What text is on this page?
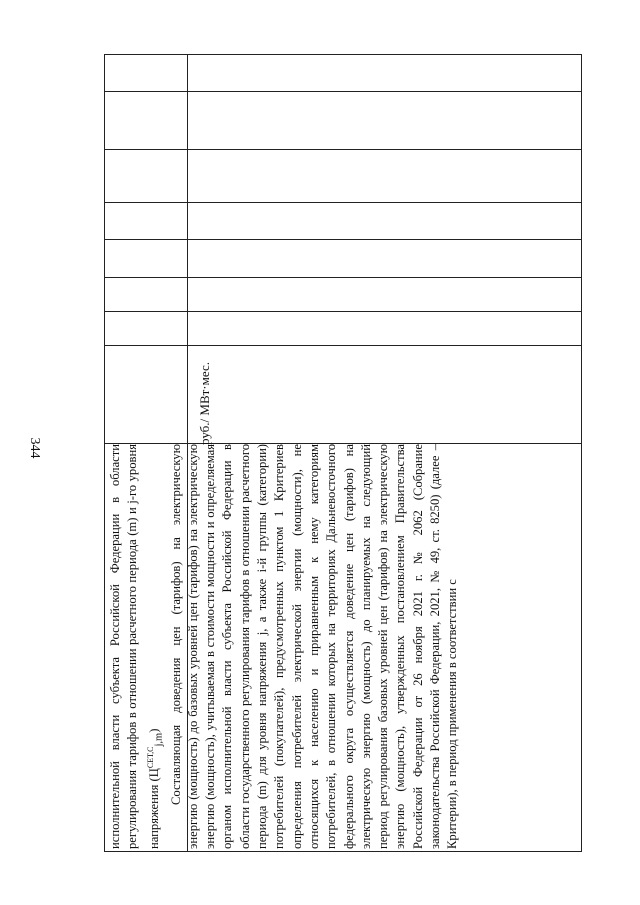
344	исполнительной власти субъекта Российской Федерации в области регулирования тарифов в отношении расчетного периода (m) и j-го уровня напряжения $(Ц^{СЕТ,С}_{j,m})$ Составляющая доведения цен (тарифов) на электрическую энергию (мощность) до базовых уровней цен (тарифов) на электрическую энергию (мощность), учитываемая в стоимости мощности и определяемая органом исполнительной власти субъекта Российской Федерации в области государственного регулирования тарифов в отношении расчетного периода (m) для уровня напряжения j, а также i-й группы (категории) потребителей (покупателей), предусмотренных пунктом 1 Критериев определения потребителей электрической энергии (мощности), не относящихся к населению и приравненным к нему категориям потребителей, в отношении которых на территориях Дальневосточного федерального округа осуществляется доведение цен (тарифов) на электрическую энергию (мощность) до планируемых на следующий период регулирования базовых уровней цен (тарифов) на электрическую энергию (мощность), утвержденных постановлением Правительства Российской Федерации от 26 ноября 2021 г. № 2062 (Собрание законодательства Российской Федерации, 2021, № 49, ст. 8250) (далее – Критерии), в период применения в соответствии с

руб./ МВт·мес.
